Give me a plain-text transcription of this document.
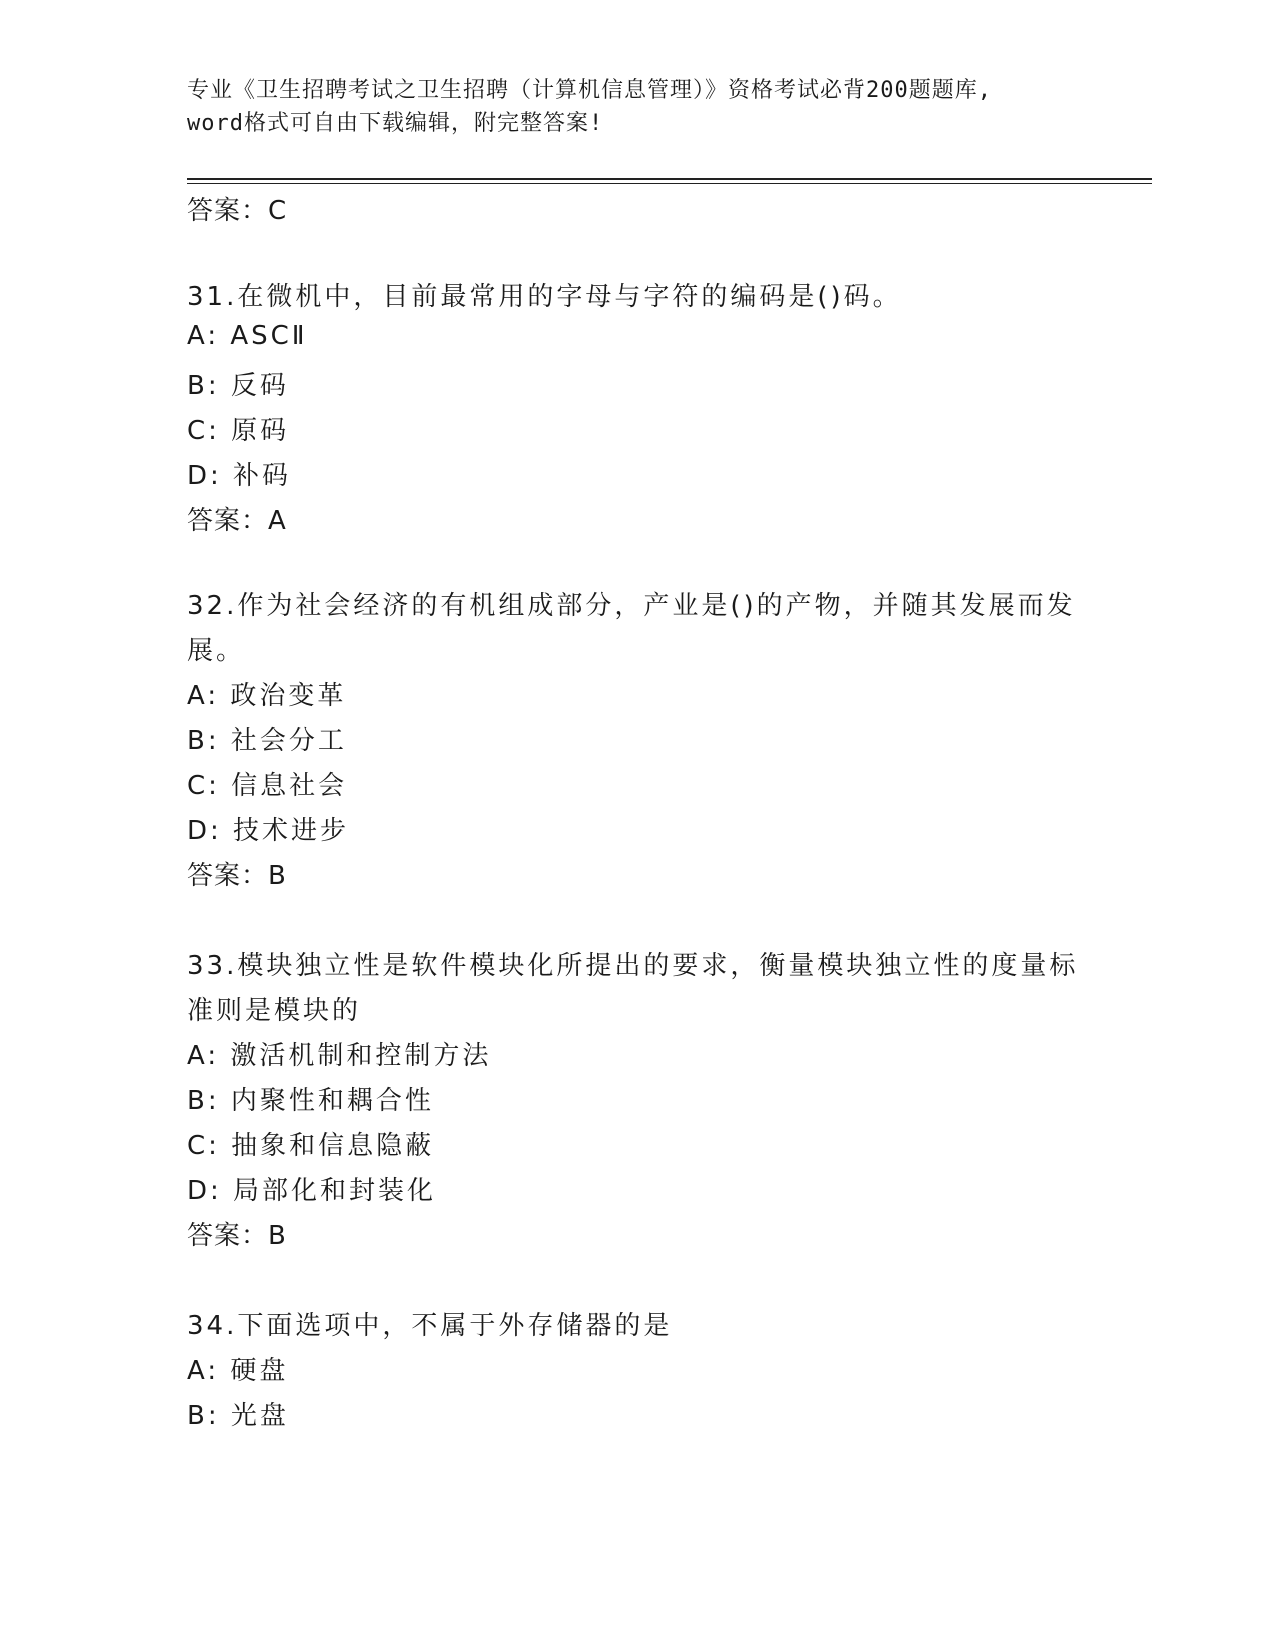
专业《卫生招聘考试之卫生招聘（计算机信息管理）》资格考试必背200题题库,
word格式可自由下载编辑，附完整答案!
答案：C
31.在微机中，目前最常用的字母与字符的编码是()码。
A: ASCⅡ
B: 反码
C: 原码
D: 补码
答案：A
32.作为社会经济的有机组成部分，产业是()的产物，并随其发展而发
展。
A: 政治变革
B: 社会分工
C: 信息社会
D: 技术进步
答案：B
33.模块独立性是软件模块化所提出的要求，衡量模块独立性的度量标
准则是模块的
A: 激活机制和控制方法
B: 内聚性和耦合性
C: 抽象和信息隐蔽
D: 局部化和封装化
答案：B
34.下面选项中，不属于外存储器的是
A: 硬盘
B: 光盘
